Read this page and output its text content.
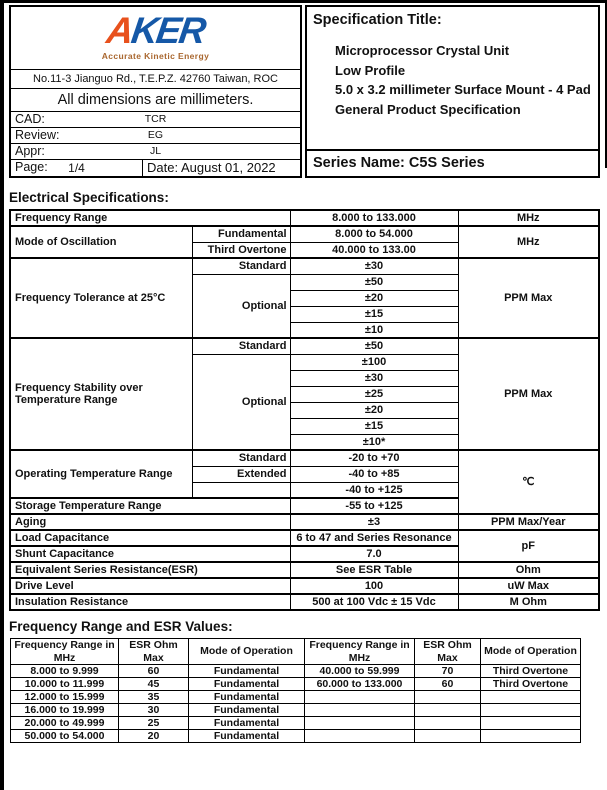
AKER
Accurate Kinetic Energy
No.11-3 Jianguo Rd., T.E.P.Z. 42760 Taiwan, ROC
All dimensions are millimeters.
CAD:	TCR
Review:	EG
Appr:	JL
Page:	1/4	Date: August 01, 2022
Specification Title:
Microprocessor Crystal Unit
Low Profile
5.0 x 3.2 millimeter Surface Mount - 4 Pad
General Product Specification
Series Name: C5S Series
Electrical Specifications:
Frequency Range		8.000 to 133.000	MHz
Mode of Oscillation	Fundamental	8.000 to 54.000	MHz
	Third Overtone	40.000 to 133.00	
Frequency Tolerance at 25°C	Standard	±30	PPM Max
	Optional	±50	
		±20	
		±15	
		±10	
Frequency Stability over Temperature Range	Standard	±50	PPM Max
	Optional	±100	
		±30	
		±25	
		±20	
		±15	
		±10*	
Operating Temperature Range	Standard	-20 to +70	℃
	Extended	-40 to +85	
		-40 to +125	
Storage Temperature Range		-55 to +125	
Aging		±3	PPM Max/Year
Load Capacitance		6 to 47 and Series Resonance	pF
Shunt Capacitance		7.0	
Equivalent Series Resistance(ESR)		See ESR Table	Ohm
Drive Level		100	uW Max
Insulation Resistance		500 at 100 Vdc ± 15 Vdc	M Ohm
Frequency Range and ESR Values:
Frequency Range in MHz	ESR Ohm Max	Mode of Operation	Frequency Range in MHz	ESR Ohm Max	Mode of Operation
8.000 to 9.999	60	Fundamental	40.000 to 59.999	70	Third Overtone
10.000 to 11.999	45	Fundamental	60.000 to 133.000	60	Third Overtone
12.000 to 15.999	35	Fundamental			
16.000 to 19.999	30	Fundamental			
20.000 to 49.999	25	Fundamental			
50.000 to 54.000	20	Fundamental			
